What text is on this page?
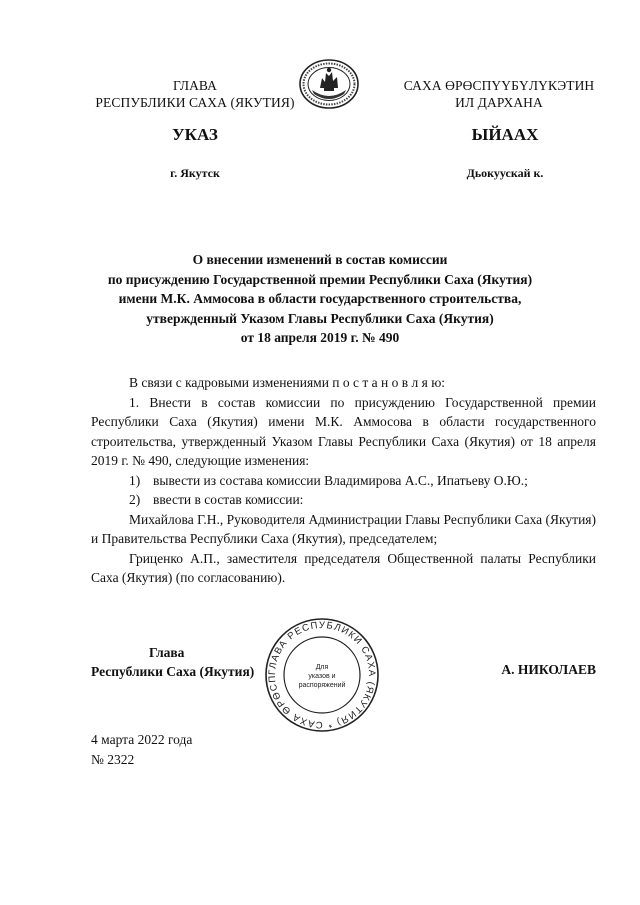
ГЛАВА
РЕСПУБЛИКИ САХА (ЯКУТИЯ)
САХА ӨРӨСПҮҮБҮЛҮКЭТИН
ИЛ ДАРХАНА
УКАЗ	ЫЙААХ
г. Якутск	Дьокуускай к.
О внесении изменений в состав комиссии
по присуждению Государственной премии Республики Саха (Якутия)
имени М.К. Аммосова в области государственного строительства,
утвержденный Указом Главы Республики Саха (Якутия)
от 18 апреля 2019 г. № 490

В связи с кадровыми изменениями п о с т а н о в л я ю:

1. Внести в состав комиссии по присуждению Государственной премии Республики Саха (Якутия) имени М.К. Аммосова в области государственного строительства, утвержденный Указом Главы Республики Саха (Якутия) от 18 апреля 2019 г. № 490, следующие изменения:

1) вывести из состава комиссии Владимирова А.С., Ипатьеву О.Ю.;

2) ввести в состав комиссии:

Михайлова Г.Н., Руководителя Администрации Главы Республики Саха (Якутия) и Правительства Республики Саха (Якутия), председателем;

Гриценко А.П., заместителя председателя Общественной палаты Республики Саха (Якутия) (по согласованию).

Глава
Республики Саха (Якутия)	А. НИКОЛАЕВ
ГЛАВА РЕСПУБЛИКИ САХА (ЯКУТИЯ) * САХА ӨРӨСП
Для
указов и
распоряжений
4 марта 2022 года
№ 2322
